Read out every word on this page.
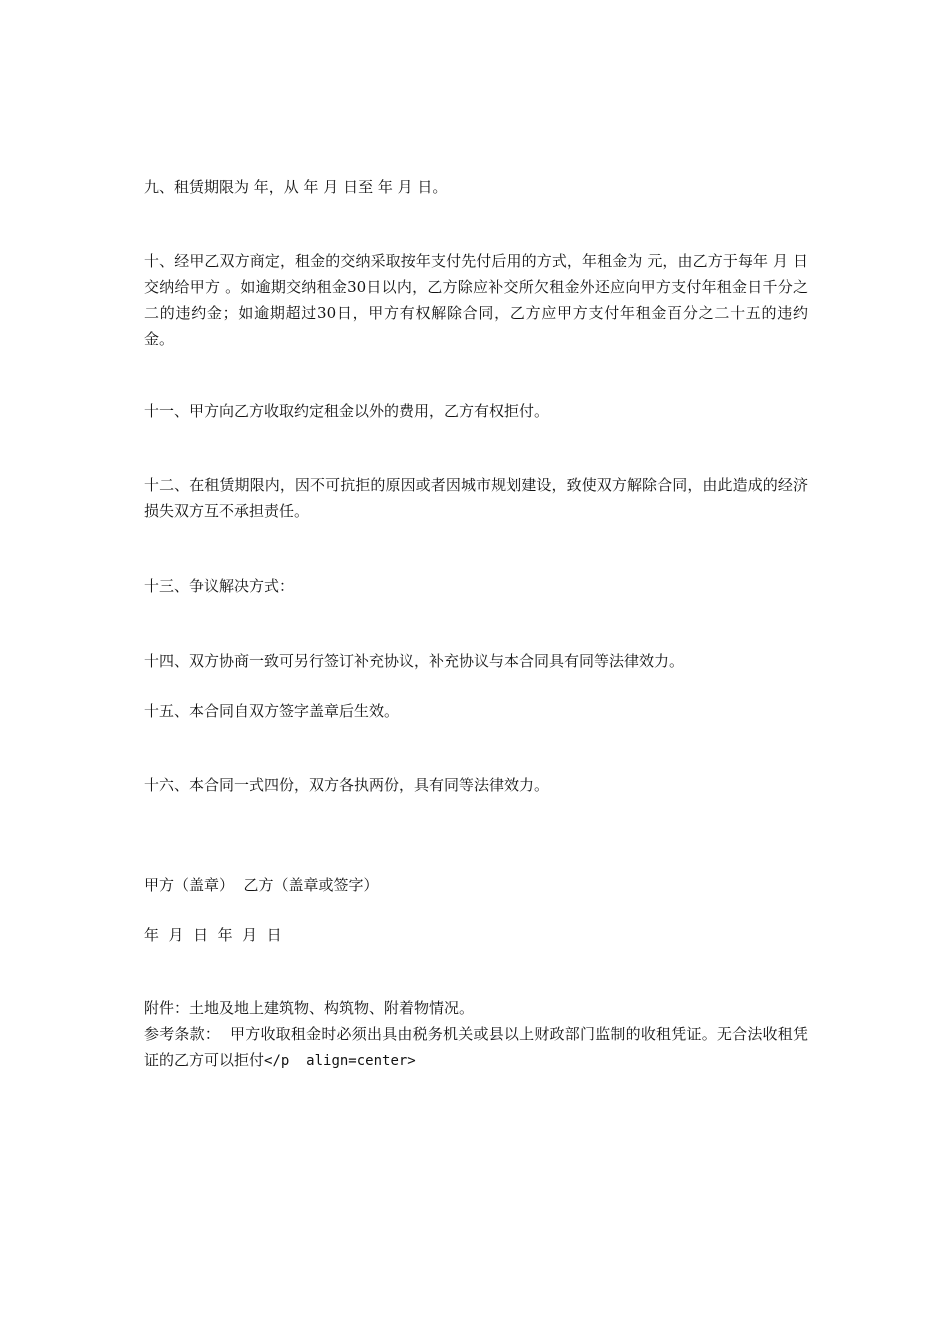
九、租赁期限为 年，从 年 月 日至 年 月 日。

十、经甲乙双方商定，租金的交纳采取按年支付先付后用的方式，年租金为 元，由乙方于每年 月 日交纳给甲方 。如逾期交纳租金30日以内，乙方除应补交所欠租金外还应向甲方支付年租金日千分之二的违约金；如逾期超过30日，甲方有权解除合同，乙方应甲方支付年租金百分之二十五的违约金。

十一、甲方向乙方收取约定租金以外的费用，乙方有权拒付。

十二、在租赁期限内，因不可抗拒的原因或者因城市规划建设，致使双方解除合同，由此造成的经济损失双方互不承担责任。

十三、争议解决方式：

十四、双方协商一致可另行签订补充协议，补充协议与本合同具有同等法律效力。

十五、本合同自双方签字盖章后生效。

十六、本合同一式四份，双方各执两份，具有同等法律效力。

甲方（盖章）  乙方（盖章或签字）

年  月  日  年  月  日

附件：土地及地上建筑物、构筑物、附着物情况。

参考条款：  甲方收取租金时必须出具由税务机关或县以上财政部门监制的收租凭证。无合法收租凭证的乙方可以拒付</p  align=center>
